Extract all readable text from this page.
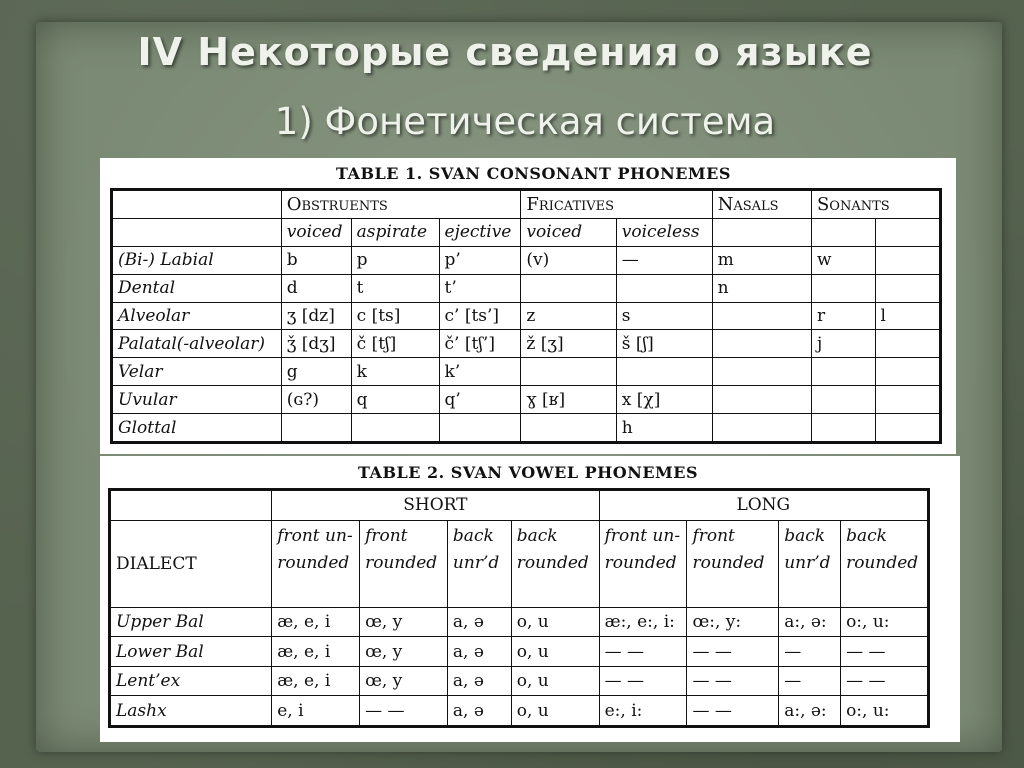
IV Некоторые сведения о языке
1) Фонетическая система
TABLE 1. SVAN CONSONANT PHONEMES
TABLE 2. SVAN VOWEL PHONEMES
	Obstruents			Fricatives		Nasals	Sonants	
	voiced	aspirate	ejective	voiced	voiceless			
(Bi-) Labial	b	p	p’	(v)	—	m	w	
Dental	d	t	t’			n		
Alveolar	ʒ [dz]	c [ts]	c’ [ts’]	z	s		r	l
Palatal(-alveolar)	ǯ [dʒ]	č [tʃ]	č’ [tʃ’]	ž [ʒ]	š [ʃ]		j	
Velar	g	k	k’					
Uvular	(ɢ?)	q	q’	ɣ [ʁ]	x [χ]			
Glottal					h			
	SHORT				LONG			
DIALECT	front un-rounded	front rounded	back unr’d	back rounded	front un-rounded	front rounded	back unr’d	back rounded
Upper Bal	æ, e, i	œ, y	a, ə	o, u	æ:, e:, i:	œ:, y:	a:, ə:	o:, u:
Lower Bal	æ, e, i	œ, y	a, ə	o, u	— —	— —	—	— —
Lent’ex	æ, e, i	œ, y	a, ə	o, u	— —	— —	—	— —
Lashx	e, i	— —	a, ə	o, u	e:, i:	— —	a:, ə:	o:, u:
